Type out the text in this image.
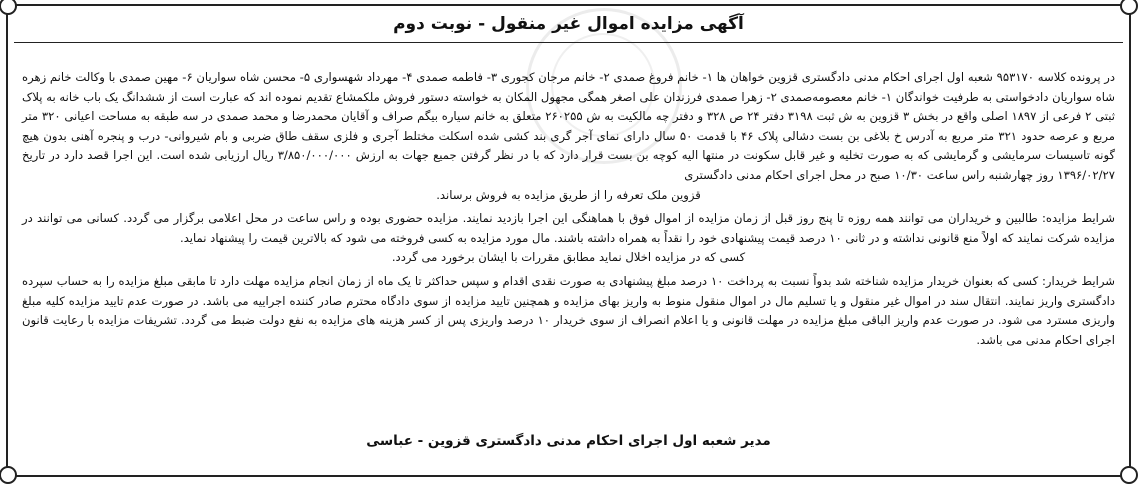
آگهی مزایده اموال غیر منقول - نوبت دوم

در پرونده کلاسه ۹۵۳۱۷۰ شعبه اول اجرای احکام مدنی دادگستری قزوین خواهان ها ۱- خانم فروغ صمدی ۲- خانم مرجان کجوری ۳- فاطمه صمدی ۴- مهرداد شهسواری ۵- محسن شاه سواریان ۶- مهین صمدی با وکالت خانم زهره شاه سواریان دادخواستی به طرفیت خواندگان ۱- خانم معصومه‌صمدی ۲- زهرا صمدی فرزندان علی اصغر همگی مجهول المکان به خواسته دستور فروش ملکمشاع تقدیم نموده اند که عبارت است از ششدانگ یک باب خانه به پلاک ثبتی ۲ فرعی از ۱۸۹۷ اصلی واقع در بخش ۳ قزوین به ش ثبت ۳۱۹۸ دفتر ۲۴ ص ۳۲۸ و دفتر چه مالکیت به ش ۲۶۰۲۵۵ متعلق به خانم سیاره بیگم صراف و آقایان محمدرضا و محمد صمدی در سه طبقه به مساحت اعیانی ۳۲۰ متر مربع و عرصه حدود ۳۲۱ متر مربع به آدرس خ بلاغی بن بست دشالی پلاک ۴۶ با قدمت ۵۰ سال دارای نمای آجر گری بند کشی شده اسکلت مختلط آجری و فلزی سقف طاق ضربی و بام شیروانی- درب و پنجره آهنی بدون هیچ گونه تاسیسات سرمایشی و گرمایشی که به صورت تخلیه و غیر قابل سکونت در منتها الیه کوچه بن بست قرار دارد که با در نظر گرفتن جمیع جهات به ارزش ۳/۸۵۰/۰۰۰/۰۰۰ ریال ارزیابی شده است. این اجرا قصد دارد در تاریخ ۱۳۹۶/۰۲/۲۷ روز چهارشنبه راس ساعت ۱۰/۳۰ صبح در محل اجرای احکام مدنی دادگستری

قزوین ملک تعرفه را از طریق مزایده به فروش برساند.

شرایط مزایده: طالبین و خریداران می توانند همه روزه تا پنج روز قبل از زمان مزایده از اموال فوق با هماهنگی این اجرا بازدید نمایند. مزایده حضوری بوده و راس ساعت در محل اعلامی برگزار می گردد. کسانی می توانند در مزایده شرکت نمایند که اولاً منع قانونی نداشته و در ثانی ۱۰ درصد قیمت پیشنهادی خود را نقداً به همراه داشته باشند. مال مورد مزایده به کسی فروخته می شود که بالاترین قیمت را پیشنهاد نماید.

کسی که در مزایده اخلال نماید مطابق مقررات با ایشان برخورد می گردد.

شرایط خریدار: کسی که بعنوان خریدار مزایده شناخته شد بدواً نسبت به پرداخت ۱۰ درصد مبلغ پیشنهادی به صورت نقدی اقدام و سپس حداکثر تا یک ماه از زمان انجام مزایده مهلت دارد تا مابقی مبلغ مزایده را به حساب سپرده دادگستری واریز نمایند. انتقال سند در اموال غیر منقول و یا تسلیم مال در اموال منقول منوط به واریز بهای مزایده و همچنین تایید مزایده از سوی دادگاه محترم صادر کننده اجراییه می باشد. در صورت عدم تایید مزایده کلیه مبلغ واریزی مسترد می شود. در صورت عدم واریز الباقی مبلغ مزایده در مهلت قانونی و یا اعلام انصراف از سوی خریدار ۱۰ درصد واریزی پس از کسر هزینه های مزایده به نفع دولت ضبط می گردد. تشریفات مزایده با رعایت قانون اجرای احکام مدنی می باشد.

مدیر شعبه اول اجرای احکام مدنی دادگستری قزوین - عباسی
